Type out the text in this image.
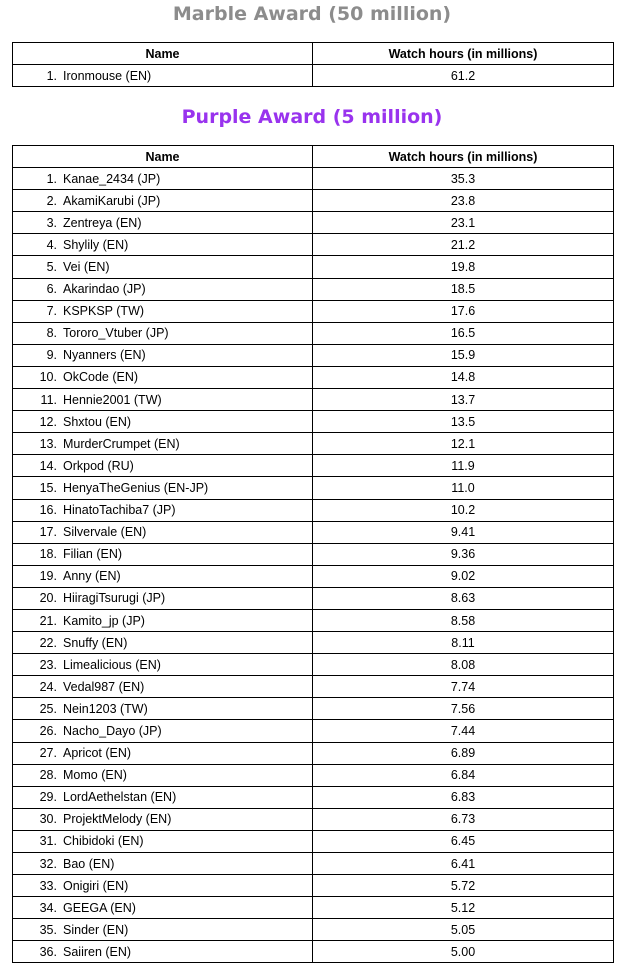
Marble Award (50 million)
Name	Watch hours (in millions)
1. Ironmouse (EN)	61.2
Purple Award (5 million)
Name	Watch hours (in millions)
1. Kanae_2434 (JP)	35.3
2. AkamiKarubi (JP)	23.8
3. Zentreya (EN)	23.1
4. Shylily (EN)	21.2
5. Vei (EN)	19.8
6. Akarindao (JP)	18.5
7. KSPKSP (TW)	17.6
8. Tororo_Vtuber (JP)	16.5
9. Nyanners (EN)	15.9
10. OkCode (EN)	14.8
11. Hennie2001 (TW)	13.7
12. Shxtou (EN)	13.5
13. MurderCrumpet (EN)	12.1
14. Orkpod (RU)	11.9
15. HenyaTheGenius (EN-JP)	11.0
16. HinatoTachiba7 (JP)	10.2
17. Silvervale (EN)	9.41
18. Filian (EN)	9.36
19. Anny (EN)	9.02
20. HiiragiTsurugi (JP)	8.63
21. Kamito_jp (JP)	8.58
22. Snuffy (EN)	8.11
23. Limealicious (EN)	8.08
24. Vedal987 (EN)	7.74
25. Nein1203 (TW)	7.56
26. Nacho_Dayo (JP)	7.44
27. Apricot (EN)	6.89
28. Momo (EN)	6.84
29. LordAethelstan (EN)	6.83
30. ProjektMelody (EN)	6.73
31. Chibidoki (EN)	6.45
32. Bao (EN)	6.41
33. Onigiri (EN)	5.72
34. GEEGA (EN)	5.12
35. Sinder (EN)	5.05
36. Saiiren (EN)	5.00
